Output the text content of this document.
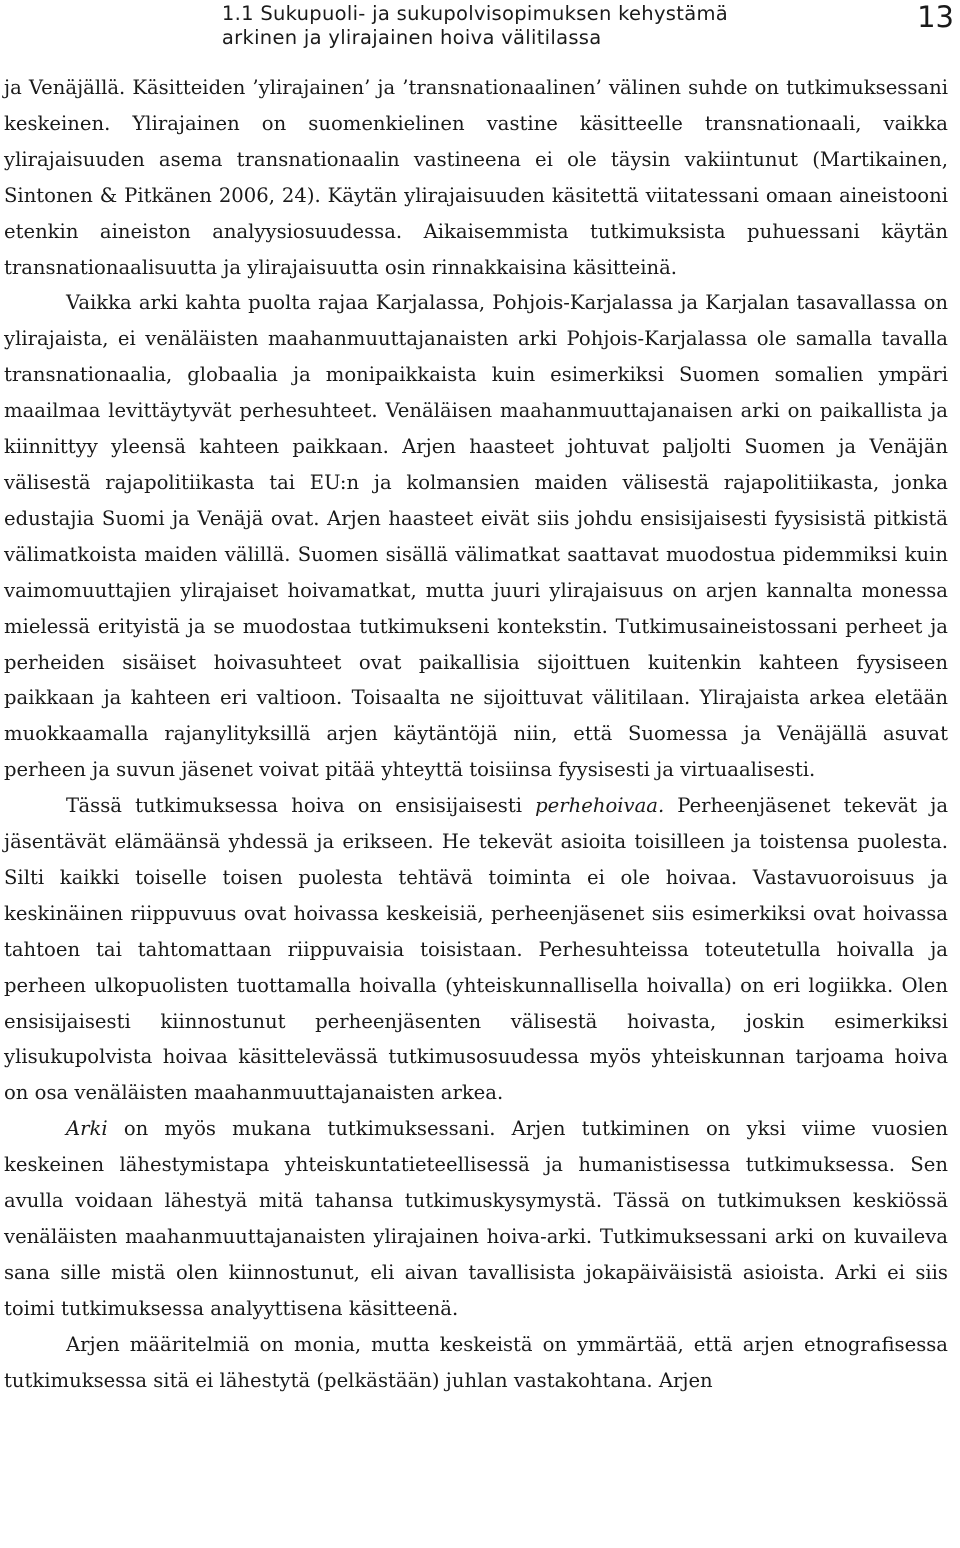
1.1 Sukupuoli- ja sukupolvisopimuksen kehystämä
arkinen ja ylirajainen hoiva välitilassa
13

ja Venäjällä. Käsitteiden ’ylirajainen’ ja ’transnationaalinen’ välinen suhde on tutkimuksessani keskeinen. Ylirajainen on suomenkielinen vastine käsitteelle transnationaali, vaikka ylirajaisuuden asema transnationaalin vastineena ei ole täysin vakiintunut (Martikainen, Sintonen & Pitkänen 2006, 24). Käytän ylirajaisuuden käsitettä viitatessani omaan aineistooni etenkin aineiston analyysiosuudessa. Aikaisemmista tutkimuksista puhuessani käytän transnationaalisuutta ja ylirajaisuutta osin rinnakkaisina käsitteinä.

Vaikka arki kahta puolta rajaa Karjalassa, Pohjois-Karjalassa ja Karjalan tasavallassa on ylirajaista, ei venäläisten maahanmuuttajanaisten arki Pohjois-Karjalassa ole samalla tavalla transnationaalia, globaalia ja monipaikkaista kuin esimerkiksi Suomen somalien ympäri maailmaa levittäytyvät perhesuhteet. Venäläisen maahanmuuttajanaisen arki on paikallista ja kiinnittyy yleensä kahteen paikkaan. Arjen haasteet johtuvat paljolti Suomen ja Venäjän välisestä rajapolitiikasta tai EU:n ja kolmansien maiden välisestä rajapolitiikasta, jonka edustajia Suomi ja Venäjä ovat. Arjen haasteet eivät siis johdu ensisijaisesti fyysisistä pitkistä välimatkoista maiden välillä. Suomen sisällä välimatkat saattavat muodostua pidemmiksi kuin vaimomuuttajien ylirajaiset hoivamatkat, mutta juuri ylirajaisuus on arjen kannalta monessa mielessä erityistä ja se muodostaa tutkimukseni kontekstin. Tutkimusaineistossani perheet ja perheiden sisäiset hoivasuhteet ovat paikallisia sijoittuen kuitenkin kahteen fyysiseen paikkaan ja kahteen eri valtioon. Toisaalta ne sijoittuvat välitilaan. Ylirajaista arkea eletään muokkaamalla rajanylityksillä arjen käytäntöjä niin, että Suomessa ja Venäjällä asuvat perheen ja suvun jäsenet voivat pitää yhteyttä toisiinsa fyysisesti ja virtuaalisesti.

Tässä tutkimuksessa hoiva on ensisijaisesti perhehoivaa. Perheenjäsenet tekevät ja jäsentävät elämäänsä yhdessä ja erikseen. He tekevät asioita toisilleen ja toistensa puolesta. Silti kaikki toiselle toisen puolesta tehtävä toiminta ei ole hoivaa. Vastavuoroisuus ja keskinäinen riippuvuus ovat hoivassa keskeisiä, perheenjäsenet siis esimerkiksi ovat hoivassa tahtoen tai tahtomattaan riippuvaisia toisistaan. Perhesuhteissa toteutetulla hoivalla ja perheen ulkopuolisten tuottamalla hoivalla (yhteiskunnallisella hoivalla) on eri logiikka. Olen ensisijaisesti kiinnostunut perheenjäsenten välisestä hoivasta, joskin esimerkiksi ylisukupolvista hoivaa käsittelevässä tutkimusosuudessa myös yhteiskunnan tarjoama hoiva on osa venäläisten maahanmuuttajanaisten arkea.

Arki on myös mukana tutkimuksessani. Arjen tutkiminen on yksi viime vuosien keskeinen lähestymistapa yhteiskuntatieteellisessä ja humanistisessa tutkimuksessa. Sen avulla voidaan lähestyä mitä tahansa tutkimuskysymystä. Tässä on tutkimuksen keskiössä venäläisten maahanmuuttajanaisten ylirajainen hoiva-arki. Tutkimuksessani arki on kuvaileva sana sille mistä olen kiinnostunut, eli aivan tavallisista jokapäiväisistä asioista. Arki ei siis toimi tutkimuksessa analyyttisena käsitteenä.

Arjen määritelmiä on monia, mutta keskeistä on ymmärtää, että arjen etnografisessa tutkimuksessa sitä ei lähestytä (pelkästään) juhlan vastakohtana. Arjen
